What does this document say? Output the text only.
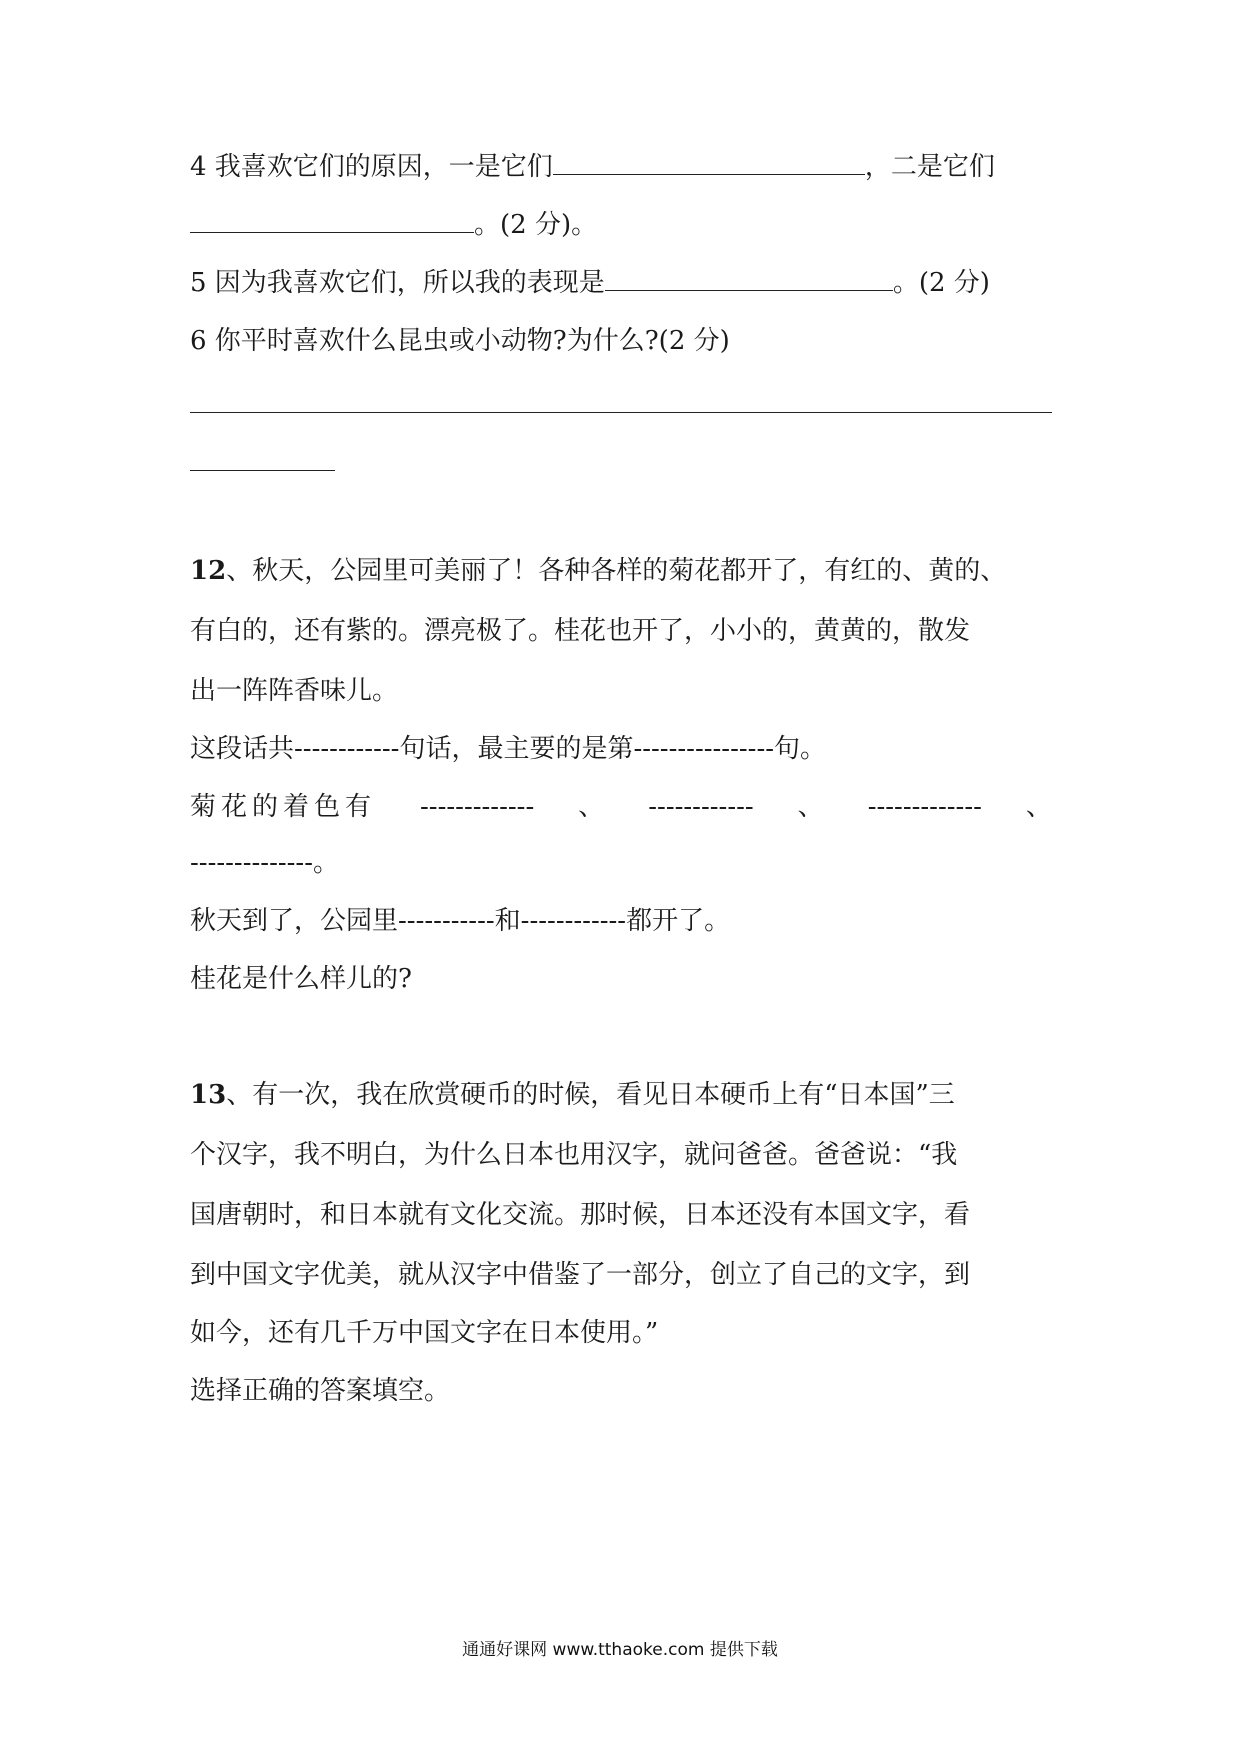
4 我喜欢它们的原因，一是它们	，二是它们
。(2 分)。
5 因为我喜欢它们，所以我的表现是	。(2 分)
6 你平时喜欢什么昆虫或小动物?为什么?(2 分)
12、秋天，公园里可美丽了！各种各样的菊花都开了，有红的、黄的、
有白的，还有紫的。漂亮极了。桂花也开了，小小的，黄黄的，散发
出一阵阵香味儿。
这段话共------------句话，最主要的是第----------------句。
菊花的着色有 ------------- 、 ------------ 、 ------------- 、
--------------。
秋天到了，公园里-----------和------------都开了。
桂花是什么样儿的?
13、有一次，我在欣赏硬币的时候，看见日本硬币上有“日本国”三
个汉字，我不明白，为什么日本也用汉字，就问爸爸。爸爸说：“我
国唐朝时，和日本就有文化交流。那时候，日本还没有本国文字，看
到中国文字优美，就从汉字中借鉴了一部分，创立了自己的文字，到
如今，还有几千万中国文字在日本使用。”
选择正确的答案填空。
通通好课网 www.tthaoke.com 提供下载
